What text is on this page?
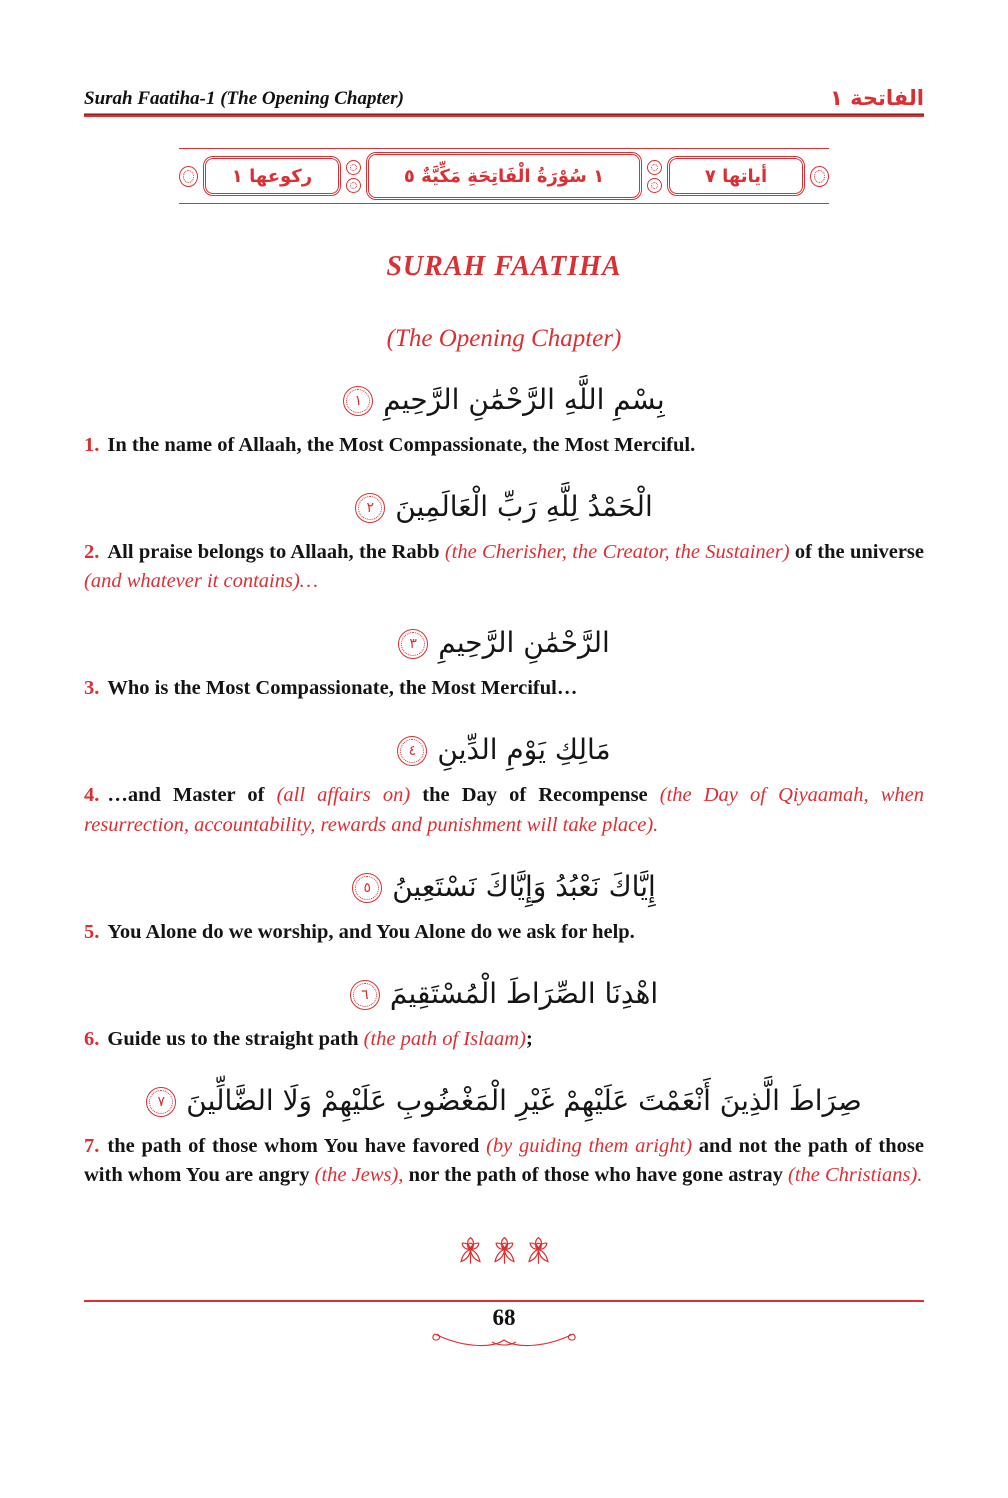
Surah Faatiha-1 (The Opening Chapter)	الفاتحة ١
ركوعها ١	١ سُوْرَةُ الْفَاتِحَةِ مَكِّيَّةٌ ٥	أياتها ٧
SURAH FAATIHA
(The Opening Chapter)
بِسْمِ اللَّهِ الرَّحْمَٰنِ الرَّحِيمِ
١

1. In the name of Allaah, the Most Compassionate, the Most Merciful.

الْحَمْدُ لِلَّهِ رَبِّ الْعَالَمِينَ
٢

2. All praise belongs to Allaah, the Rabb (the Cherisher, the Creator, the Sustainer) of the universe (and whatever it contains)…

الرَّحْمَٰنِ الرَّحِيمِ
٣

3. Who is the Most Compassionate, the Most Merciful…

مَالِكِ يَوْمِ الدِّينِ
٤

4. …and Master of (all affairs on) the Day of Recompense (the Day of Qiyaamah, when resurrection, accountability, rewards and punishment will take place).

إِيَّاكَ نَعْبُدُ وَإِيَّاكَ نَسْتَعِينُ
٥

5. You Alone do we worship, and You Alone do we ask for help.

اهْدِنَا الصِّرَاطَ الْمُسْتَقِيمَ
٦

6. Guide us to the straight path (the path of Islaam);

صِرَاطَ الَّذِينَ أَنْعَمْتَ عَلَيْهِمْ غَيْرِ الْمَغْضُوبِ عَلَيْهِمْ وَلَا الضَّالِّينَ
٧

7. the path of those whom You have favored (by guiding them aright) and not the path of those with whom You are angry (the Jews), nor the path of those who have gone astray (the Christians).

68
